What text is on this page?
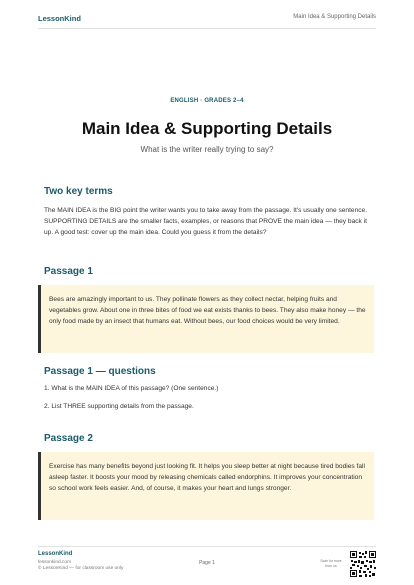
LessonKind	Main Idea & Supporting Details
ENGLISH · GRADES 2–4
Main Idea & Supporting Details
What is the writer really trying to say?
Two key terms
The MAIN IDEA is the BIG point the writer wants you to take away from the passage. It's usually one sentence. SUPPORTING DETAILS are the smaller facts, examples, or reasons that PROVE the main idea — they back it up. A good test: cover up the main idea. Could you guess it from the details?
Passage 1
Bees are amazingly important to us. They pollinate flowers as they collect nectar, helping fruits and vegetables grow. About one in three bites of food we eat exists thanks to bees. They also make honey — the only food made by an insect that humans eat. Without bees, our food choices would be very limited.
Passage 1 — questions
1. What is the MAIN IDEA of this passage? (One sentence.)
2. List THREE supporting details from the passage.
Passage 2
Exercise has many benefits beyond just looking fit. It helps you sleep better at night because tired bodies fall asleep faster. It boosts your mood by releasing chemicals called endorphins. It improves your concentration so school work feels easier. And, of course, it makes your heart and lungs stronger.
LessonKind
lessonkind.com
© LessonKind — for classroom use only
Page 1	Scan for more from us
